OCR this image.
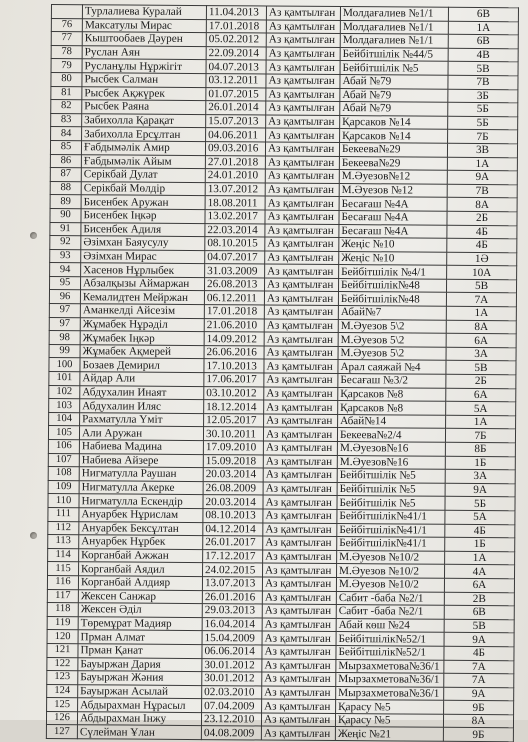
	Турлалиева Куралай	11.04.2013	Аз қамтылған	Молдағалиев №1/1	6В
76	Максатулы Мирас	17.01.2018	Аз қамтылған	Молдағалиев №1/1	1А
77	Кыштообаев Дәурен	05.02.2012	Аз қамтылған	Молдағалиев №1/1	6В
78	Руслан Аян	22.09.2014	Аз қамтылған	Бейбітшілік №44/5	4В
79	Русланұлы Нұржігіт	04.07.2013	Аз қамтылған	Бейбітшілік №5	5В
80	Рысбек Салман	03.12.2011	Аз қамтылған	Абай №79	7В
81	Рысбек Ақжүрек	01.07.2015	Аз қамтылған	Абай №79	3Б
82	Рысбек Раяна	26.01.2014	Аз қамтылған	Абай №79	5Б
83	Забихолла Қарақат	15.07.2013	Аз қамтылған	Қарсаков №14	5Б
84	Забихолла Ерсұлтан	04.06.2011	Аз қамтылған	Қарсаков №14	7Б
85	Ғабдымәлік Амир	09.03.2016	Аз қамтылған	Бекеева№29	3В
86	Ғабдымәлік Айым	27.01.2018	Аз қамтылған	Бекеева№29	1А
87	Серікбай Дулат	24.01.2010	Аз қамтылған	М.Әуезов№12	9А
88	Серікбай Мөлдір	13.07.2012	Аз қамтылған	М.Әуезов №12	7В
89	Бисенбек Аружан	18.08.2011	Аз қамтылған	Бесағаш №4А	8А
90	Бисенбек Іңкәр	13.02.2017	Аз қамтылған	Бесағаш №4А	2Б
91	Бисенбек Адиля	22.03.2014	Аз қамтылған	Бесағаш №4А	4Б
92	Әзімхан Баяусулу	08.10.2015	Аз қамтылған	Жеңіс №10	4Б
93	Әзімхан Мирас	04.07.2017	Аз қамтылған	Жеңіс №10	1Ә
94	Хасенов Нұрлыбек	31.03.2009	Аз қамтылған	Бейбітшілік №4/1	10А
95	Абзалқызы Аймаржан	26.08.2013	Аз қамтылған	Бейбітшілік№48	5В
96	Кемалидтен Мейржан	06.12.2011	Аз қамтылған	Бейбітшілік№48	7А
97	Аманкелді Айсезім	17.01.2018	Аз қамтылған	Абай№7	1А
97	Жұмабек Нұрәділ	21.06.2010	Аз қамтылған	М.Әуезов 5\2	8А
98	Жұмабек Іңкәр	14.09.2012	Аз қамтылған	М.Әуезов 5\2	6А
99	Жұмабек Ақмерей	26.06.2016	Аз қамтылған	М.Әуезов 5\2	3А
100	Бозаев Демирил	17.10.2013	Аз қамтылған	Арал саяжай №4	5В
101	Айдар Али	17.06.2017	Аз қамтылған	Бесағаш №3/2	2Б
102	Абдухалин Инаят	03.10.2012	Аз қамтылған	Қарсаков №8	6А
103	Абдухалин Иляс	18.12.2014	Аз қамтылған	Қарсаков №8	5А
104	Рахматулла Үміт	12.05.2017	Аз қамтылған	Абай№14	1А
105	Али Аружан	30.10.2011	Аз қамтылған	Бекеева№2/4	7Б
106	Набиева Мадина	17.09.2010	Аз қамтылған	М.Әуезов№16	8Б
107	Набиева Айзере	15.09.2018	Аз қамтылған	М.Әуезов№16	1Б
108	Нигматулла Раушан	20.03.2014	Аз қамтылған	Бейбітшілік №5	3А
109	Нигматулла Акерке	26.08.2009	Аз қамтылған	Бейбітшілік №5	9А
110	Нигматулла Ескендір	20.03.2014	Аз қамтылған	Бейбітшілік №5	5Б
111	Ануарбек Нұрислам	08.10.2013	Аз қамтылған	Бейбітшілік№41/1	5А
112	Ануарбек Бексұлтан	04.12.2014	Аз қамтылған	Бейбітшілік№41/1	4Б
113	Ануарбек Нұрбек	26.01.2017	Аз қамтылған	Бейбітшілік№41/1	1Б
114	Корганбай Ажжан	17.12.2017	Аз қамтылған	М.Әуезов №10/2	1А
115	Корганбай Аядил	24.02.2015	Аз қамтылған	М.Әуезов №10/2	4А
116	Корганбай Алдияр	13.07.2013	Аз қамтылған	М.Әуезов №10/2	6А
117	Жексен Санжар	26.01.2016	Аз қамтылған	Сабит -баба №2/1	2В
118	Жексен Әділ	29.03.2013	Аз қамтылған	Сабит -баба №2/1	6В
119	Төремұрат Мадияр	16.04.2014	Аз қамтылған	Абай көш №24	5В
120	Прман Алмат	15.04.2009	Аз қамтылған	Бейбітшілік№52/1	9А
121	Прман Қанат	06.06.2014	Аз қамтылған	Бейбітшілік№52/1	4Б
122	Бауыржан Дария	30.01.2012	Аз қамтылған	Мырзахметова№36/1	7А
123	Бауыржан Жәния	30.01.2012	Аз қамтылған	Мырзахметова№36/1	7А
124	Бауыржан Асылай	02.03.2010	Аз қамтылған	Мырзахметова№36/1	9А
125	Абдырахман Нұрасыл	07.04.2009	Аз қамтылған	Қарасу №5	9Б
126	Абдырахман Інжу	23.12.2010	Аз қамтылған	Қарасу №5	8А
127	Сүлейман Ұлан	04.08.2009	Аз қамтылған	Жеңіс №21	9Б
